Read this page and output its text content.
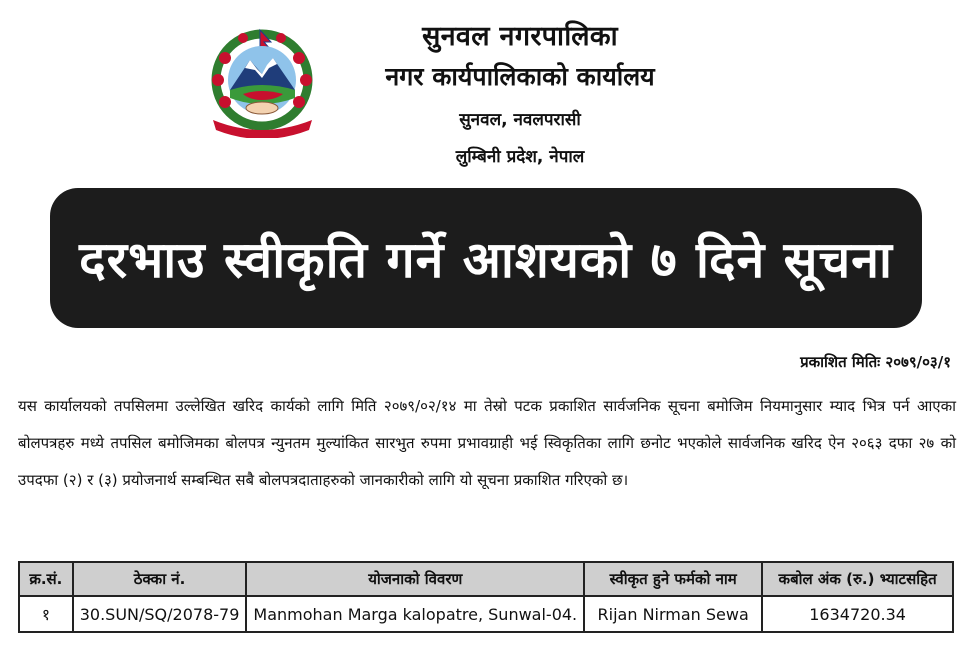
सुनवल नगरपालिका
नगर कार्यपालिकाको कार्यालय
सुनवल, नवलपरासी
लुम्बिनी प्रदेश, नेपाल
दरभाउ स्वीकृति गर्ने आशयको ७ दिने सूचना
प्रकाशित मितिः २०७९/०३/१
यस कार्यालयको तपसिलमा उल्लेखित खरिद कार्यको लागि मिति २०७९/०२/१४ मा तेस्रो पटक प्रकाशित सार्वजनिक सूचना बमोजिम नियमानुसार म्याद भित्र पर्न आएका बोलपत्रहरु मध्ये तपसिल बमोजिमका बोलपत्र न्युनतम मुल्यांकित सारभुत रुपमा प्रभावग्राही भई स्विकृतिका लागि छनोट भएकोले सार्वजनिक खरिद ऐन २०६३ दफा २७ को उपदफा (२) र (३) प्रयोजनार्थ सम्बन्धित सबै बोलपत्रदाताहरुको जानकारीको लागि यो सूचना प्रकाशित गरिएको छ।
क्र.सं.	ठेक्का नं.	योजनाको विवरण	स्वीकृत हुने फर्मको नाम	कबोल अंक (रु.) भ्याटसहित
१	30.SUN/SQ/2078-79	Manmohan Marga kalopatre, Sunwal-04.	Rijan Nirman Sewa	1634720.34
